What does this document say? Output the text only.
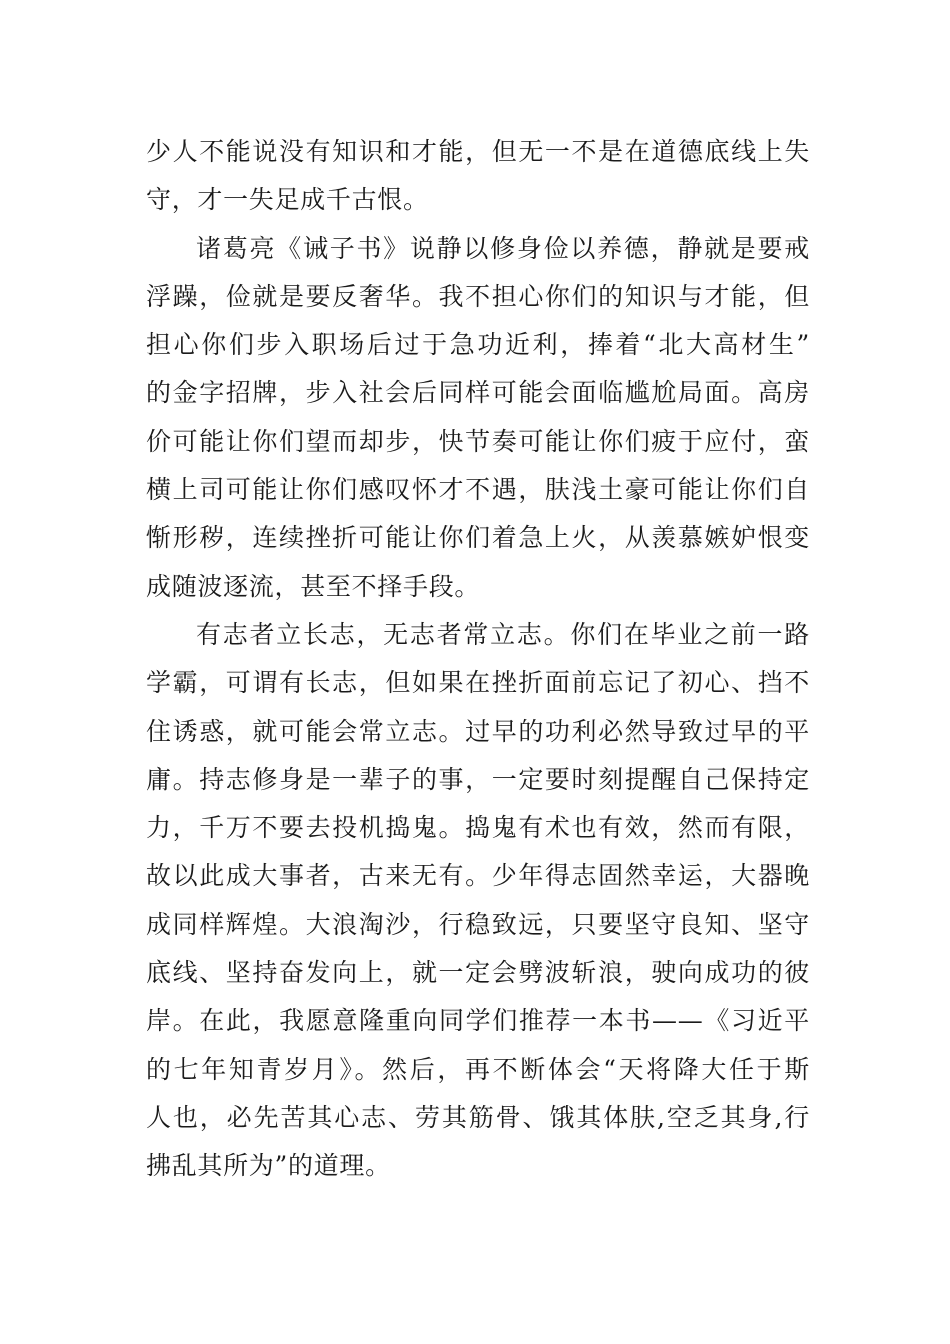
少人不能说没有知识和才能，但无一不是在道德底线上失
守，才一失足成千古恨。
诸葛亮《诫子书》说静以修身俭以养德，静就是要戒
浮躁，俭就是要反奢华。我不担心你们的知识与才能，但
担心你们步入职场后过于急功近利，捧着“北大高材生”
的金字招牌，步入社会后同样可能会面临尴尬局面。高房
价可能让你们望而却步，快节奏可能让你们疲于应付，蛮
横上司可能让你们感叹怀才不遇，肤浅土豪可能让你们自
惭形秽，连续挫折可能让你们着急上火，从羡慕嫉妒恨变
成随波逐流，甚至不择手段。
有志者立长志，无志者常立志。你们在毕业之前一路
学霸，可谓有长志，但如果在挫折面前忘记了初心、挡不
住诱惑，就可能会常立志。过早的功利必然导致过早的平
庸。持志修身是一辈子的事，一定要时刻提醒自己保持定
力，千万不要去投机捣鬼。捣鬼有术也有效，然而有限，
故以此成大事者，古来无有。少年得志固然幸运，大器晚
成同样辉煌。大浪淘沙，行稳致远，只要坚守良知、坚守
底线、坚持奋发向上，就一定会劈波斩浪，驶向成功的彼
岸。在此，我愿意隆重向同学们推荐一本书——《习近平
的七年知青岁月》。然后，再不断体会“天将降大任于斯
人也，必先苦其心志、劳其筋骨、饿其体肤,空乏其身,行
拂乱其所为”的道理。
